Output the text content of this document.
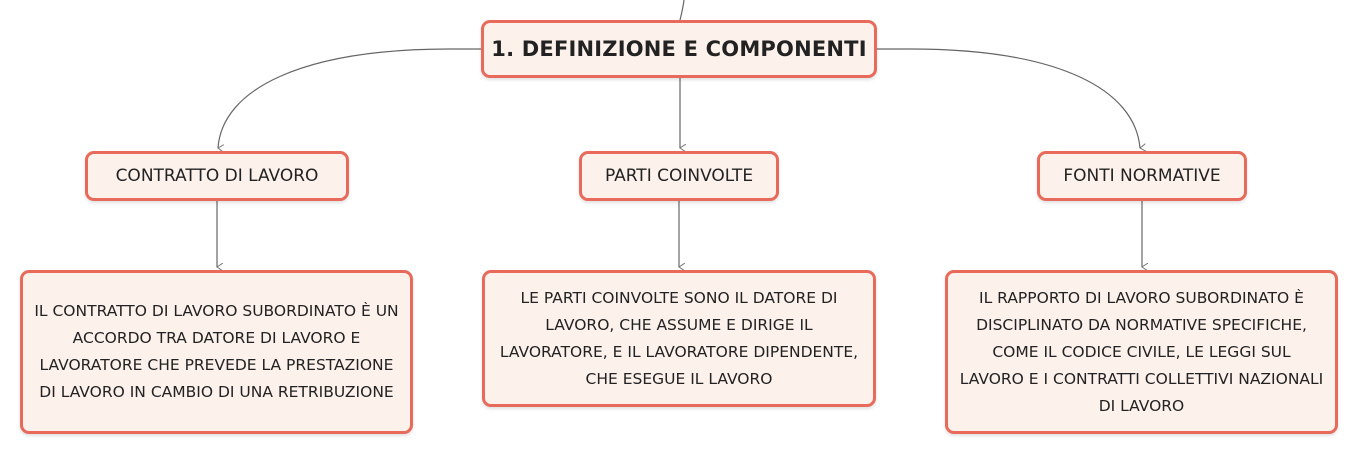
1. DEFINIZIONE E COMPONENTI
CONTRATTO DI LAVORO	PARTI COINVOLTE	FONTI NORMATIVE
IL CONTRATTO DI LAVORO SUBORDINATO È UN ACCORDO TRA DATORE DI LAVORO E LAVORATORE CHE PREVEDE LA PRESTAZIONE DI LAVORO IN CAMBIO DI UNA RETRIBUZIONE
LE PARTI COINVOLTE SONO IL DATORE DI LAVORO, CHE ASSUME E DIRIGE IL LAVORATORE, E IL LAVORATORE DIPENDENTE, CHE ESEGUE IL LAVORO
IL RAPPORTO DI LAVORO SUBORDINATO È DISCIPLINATO DA NORMATIVE SPECIFICHE, COME IL CODICE CIVILE, LE LEGGI SUL LAVORO E I CONTRATTI COLLETTIVI NAZIONALI DI LAVORO
